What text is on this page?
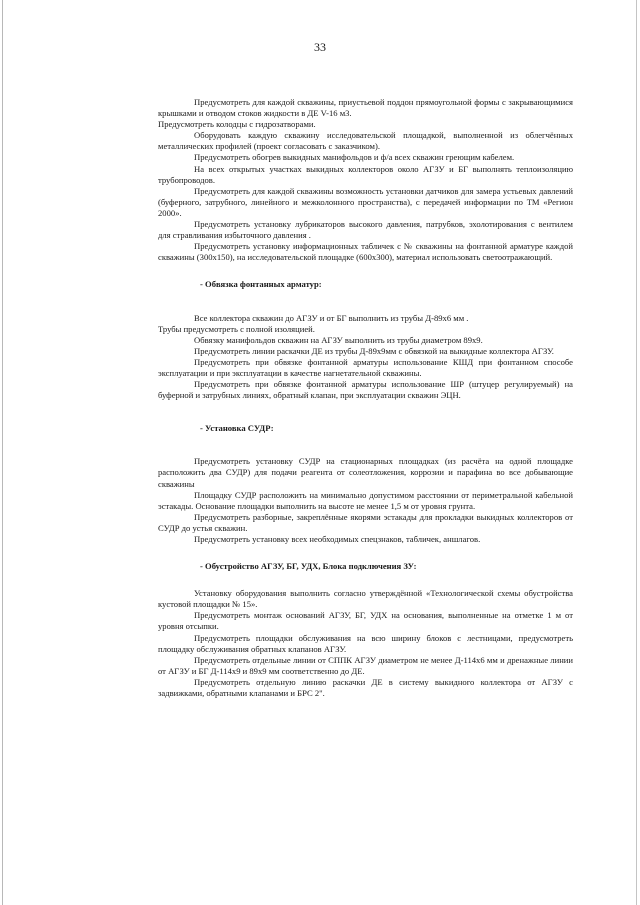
33

Предусмотреть для каждой скважины, приустьевой поддон прямоугольной формы с закрывающимися крышками и отводом стоков жидкости в ДЕ V-16 м3.

Предусмотреть колодцы с гидрозатворами.

Оборудовать каждую скважину исследовательской площадкой, выполненной из облегчённых металлических профилей (проект согласовать с заказчиком).

Предусмотреть обогрев выкидных манифольдов и ф/а всех скважин греющим кабелем.

На всех открытых участках выкидных коллекторов около АГЗУ и БГ выполнять теплоизоляцию трубопроводов.

Предусмотреть для каждой скважины возможность установки датчиков для замера устьевых давлений (буферного, затрубного, линейного и межколонного пространства), с передачей информации по ТМ «Регион 2000».

Предусмотреть установку лубрикаторов высокого давления, патрубков, эхолотирования с вентилем для стравливания избыточного давления .

Предусмотреть установку информационных табличек с № скважины на фонтанной арматуре каждой скважины (300х150), на исследовательской площадке (600х300), материал использовать светоотражающий.

- Обвязка фонтанных арматур:

Все коллектора скважин до АГЗУ и от БГ выполнить из трубы Д-89х6 мм .

Трубы предусмотреть с полной изоляцией.

Обвязку манифольдов скважин на АГЗУ выполнить из трубы диаметром 89х9.

Предусмотреть линии раскачки ДЕ из трубы Д-89х9мм с обвязкой на выкидные коллектора АГЗУ.

Предусмотреть при обвязке фонтанной арматуры использование КШД при фонтанном способе эксплуатации и при эксплуатации в качестве нагнетательной скважины.

Предусмотреть при обвязке фонтанной арматуры использование ШР (штуцер регулируемый) на буферной и затрубных линиях, обратный клапан, при эксплуатации скважин ЭЦН.

- Установка СУДР:

Предусмотреть установку СУДР на стационарных площадках (из расчёта на одной площадке расположить два СУДР) для подачи реагента от солеотложения, коррозии и парафина во все добывающие скважины

Площадку СУДР расположить на минимально допустимом расстоянии от периметральной кабельной эстакады. Основание площадки выполнить на высоте не менее 1,5 м от уровня грунта.

Предусмотреть разборные, закреплённые якорями эстакады для прокладки выкидных коллекторов от СУДР до устья скважин.

Предусмотреть установку всех необходимых спецзнаков, табличек, аншлагов.

- Обустройство АГЗУ, БГ, УДХ, Блока подключения ЗУ:

Установку оборудования выполнить согласно утверждённой «Технологической схемы обустройства кустовой площадки № 15».

Предусмотреть монтаж оснований АГЗУ, БГ, УДХ на основания, выполненные на отметке 1 м от уровня отсыпки.

Предусмотреть площадки обслуживания на всю ширину блоков с лестницами, предусмотреть площадку обслуживания обратных клапанов АГЗУ.

Предусмотреть отдельные линии от СППК АГЗУ диаметром не менее Д-114х6 мм и дренажные линии от АГЗУ и БГ Д-114х9 и 89х9 мм соответственно до ДЕ.

Предусмотреть отдельную линию раскачки ДЕ в систему выкидного коллектора от АГЗУ с задвижками, обратными клапанами и БРС 2".
